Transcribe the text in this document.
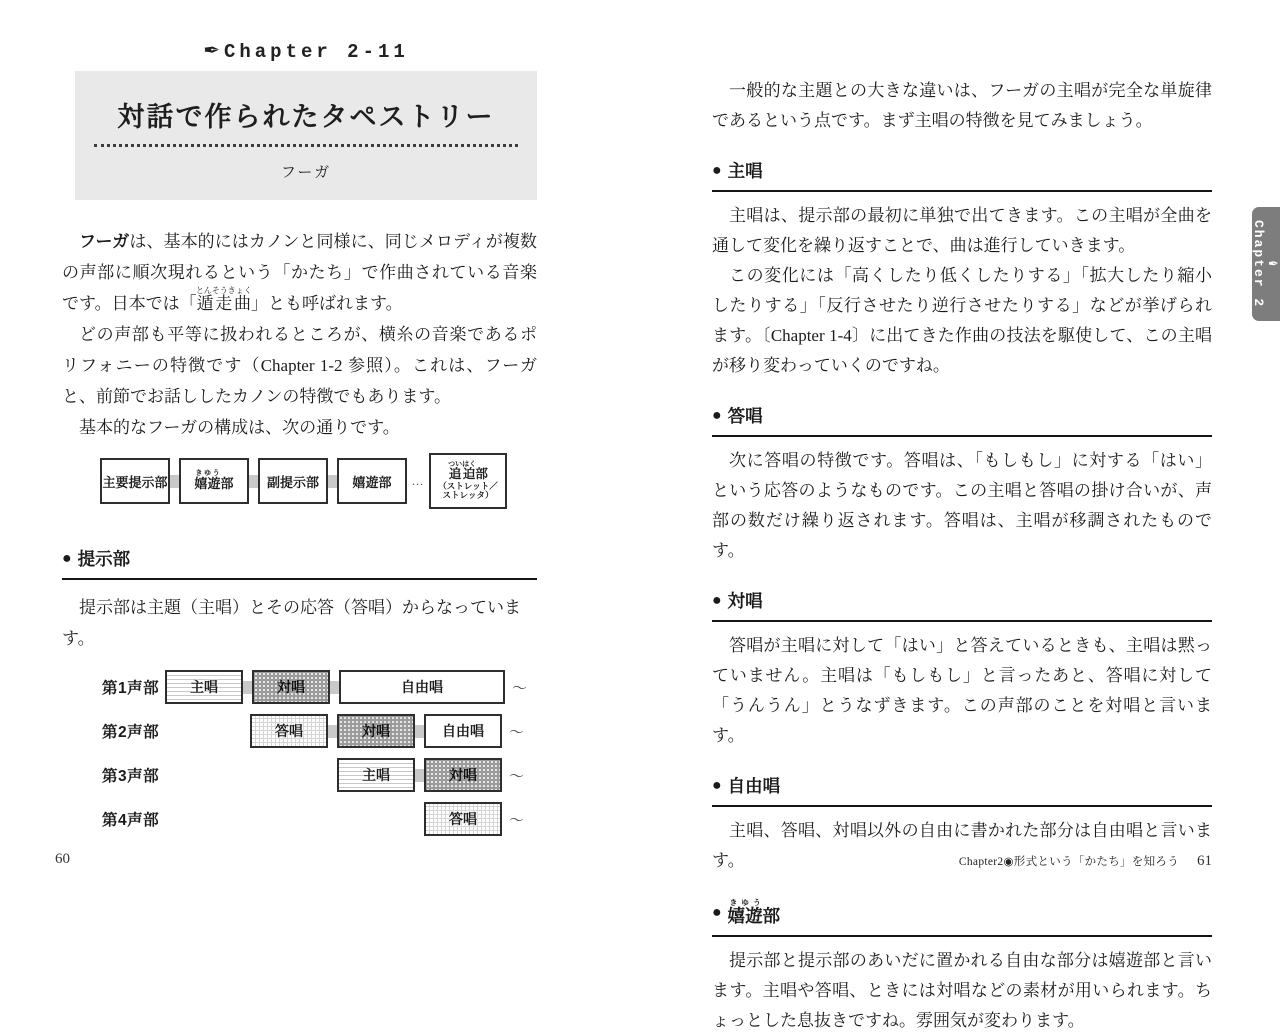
✒ Chapter 2-11
対話で作られたタペストリー
フーガ

フーガは、基本的にはカノンと同様に、同じメロディが複数の声部に順次現れるという「かたち」で作曲されている音楽です。日本では「遁走曲とんそうきょく」とも呼ばれます。

どの声部も平等に扱われるところが、横糸の音楽であるポリフォニーの特徴です（Chapter 1-2 参照）。これは、フーガと、前節でお話ししたカノンの特徴でもあります。

基本的なフーガの構成は、次の通りです。

主要提示部 嬉遊きゆう部	副提示部	嬉遊部	…	追迫ついはく部
（ストレット／
ストレッタ）
● 提示部
提示部は主題（主唱）とその応答（答唱）からなっています。
第1声部	主唱	対唱	自由唱	～
第2声部	答唱	対唱	自由唱	～
第3声部	主唱	対唱	～
第4声部	答唱	～

一般的な主題との大きな違いは、フーガの主唱が完全な単旋律であるという点です。まず主唱の特徴を見てみましょう。

● 主唱

主唱は、提示部の最初に単独で出てきます。この主唱が全曲を通して変化を繰り返すことで、曲は進行していきます。

この変化には「高くしたり低くしたりする」「拡大したり縮小したりする」「反行させたり逆行させたりする」などが挙げられます。〔Chapter 1-4〕に出てきた作曲の技法を駆使して、この主唱が移り変わっていくのですね。

● 答唱

次に答唱の特徴です。答唱は、「もしもし」に対する「はい」という応答のようなものです。この主唱と答唱の掛け合いが、声部の数だけ繰り返されます。答唱は、主唱が移調されたものです。

● 対唱

答唱が主唱に対して「はい」と答えているときも、主唱は黙っていません。主唱は「もしもし」と言ったあと、答唱に対して「うんうん」とうなずきます。この声部のことを対唱と言います。

● 自由唱

主唱、答唱、対唱以外の自由に書かれた部分は自由唱と言います。

● 嬉遊きゆう部

提示部と提示部のあいだに置かれる自由な部分は嬉遊部と言います。主唱や答唱、ときには対唱などの素材が用いられます。ちょっとした息抜きですね。雰囲気が変わります。

60	Chapter2◉形式という「かたち」を知ろう 61
✒
Chapter 2
